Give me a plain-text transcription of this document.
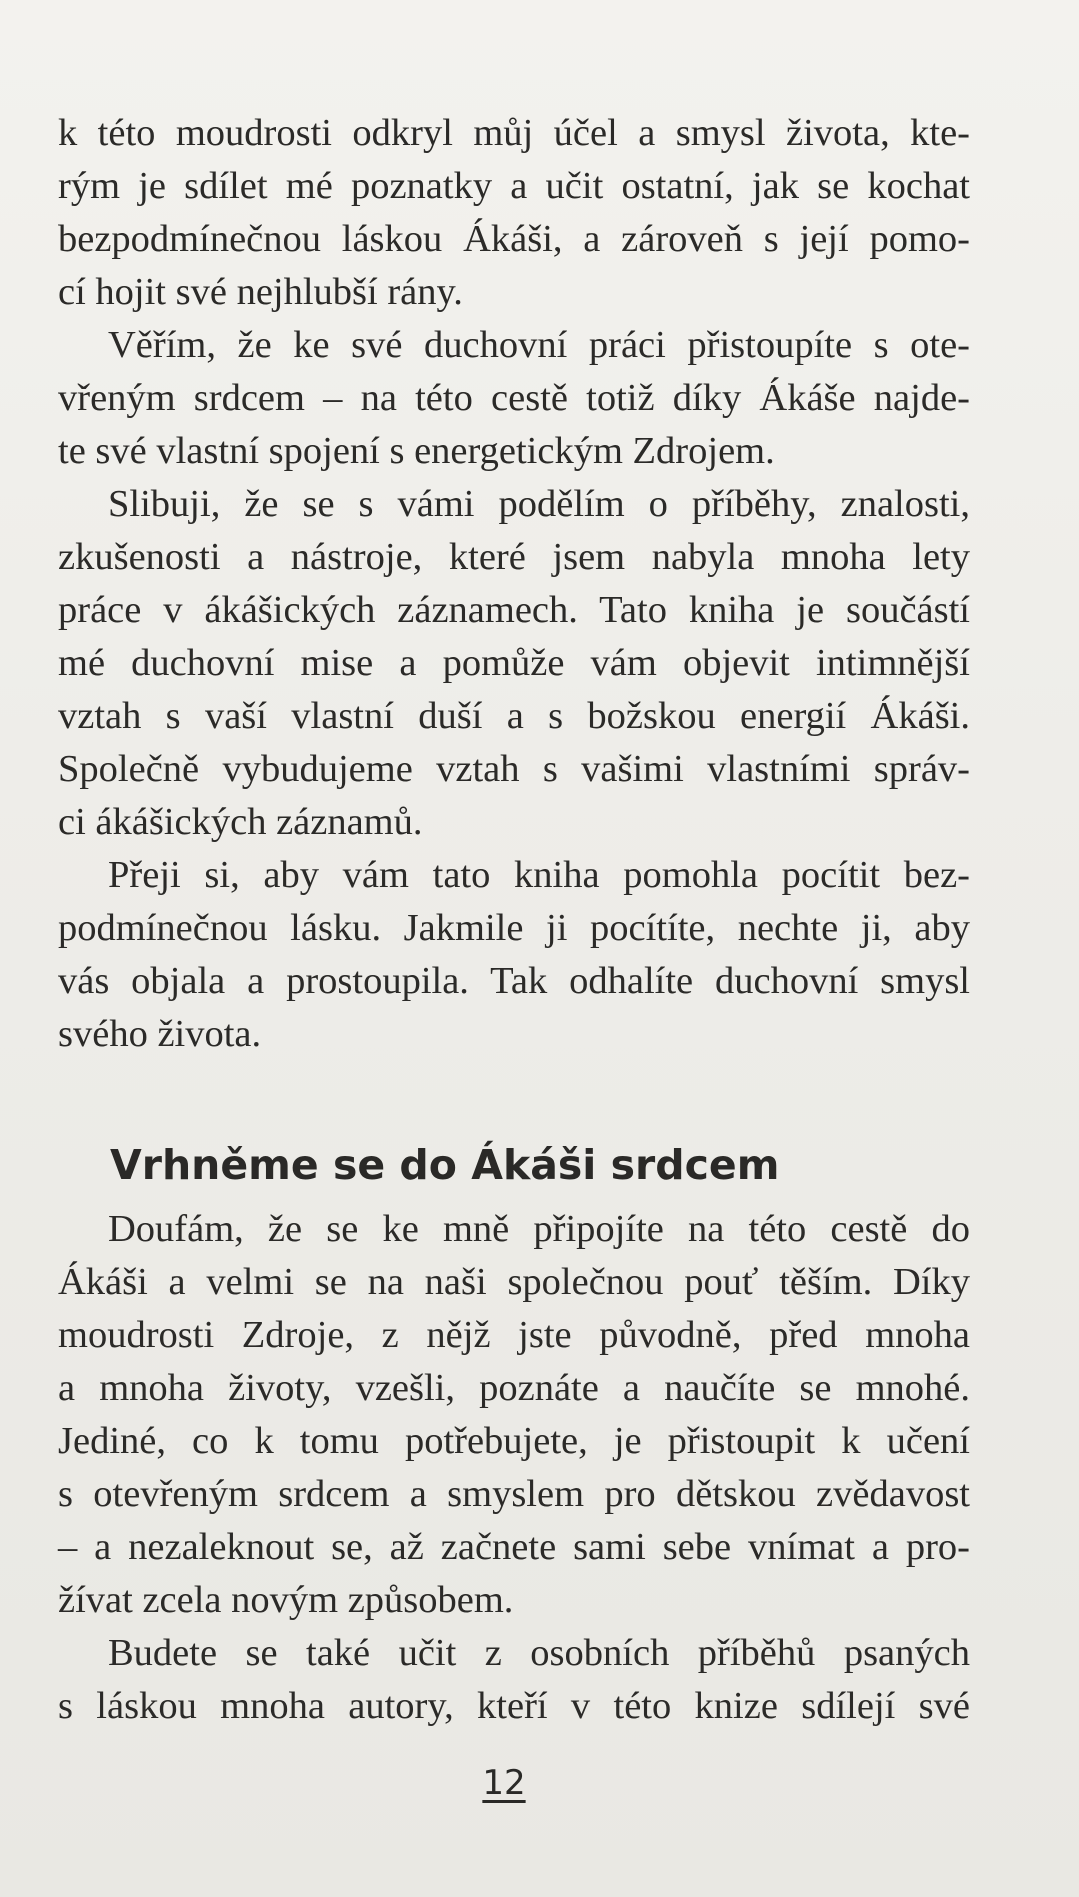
k této moudrosti odkryl můj účel a smysl života, kte-
rým je sdílet mé poznatky a učit ostatní, jak se kochat
bezpodmínečnou láskou Ákáši, a zároveň s její pomo-
cí hojit své nejhlubší rány.
Věřím, že ke své duchovní práci přistoupíte s ote-
vřeným srdcem – na této cestě totiž díky Ákáše najde-
te své vlastní spojení s energetickým Zdrojem.
Slibuji, že se s vámi podělím o příběhy, znalosti,
zkušenosti a nástroje, které jsem nabyla mnoha lety
práce v ákášických záznamech. Tato kniha je součástí
mé duchovní mise a pomůže vám objevit intimnější
vztah s vaší vlastní duší a s božskou energií Ákáši.
Společně vybudujeme vztah s vašimi vlastními správ-
ci ákášických záznamů.
Přeji si, aby vám tato kniha pomohla pocítit bez-
podmínečnou lásku. Jakmile ji pocítíte, nechte ji, aby
vás objala a prostoupila. Tak odhalíte duchovní smysl
svého života.
Vrhněme se do Ákáši srdcem
Doufám, že se ke mně připojíte na této cestě do
Ákáši a velmi se na naši společnou pouť těším. Díky
moudrosti Zdroje, z nějž jste původně, před mnoha
a mnoha životy, vzešli, poznáte a naučíte se mnohé.
Jediné, co k tomu potřebujete, je přistoupit k učení
s otevřeným srdcem a smyslem pro dětskou zvědavost
– a nezaleknout se, až začnete sami sebe vnímat a pro-
žívat zcela novým způsobem.
Budete se také učit z osobních příběhů psaných
s láskou mnoha autory, kteří v této knize sdílejí své
12
